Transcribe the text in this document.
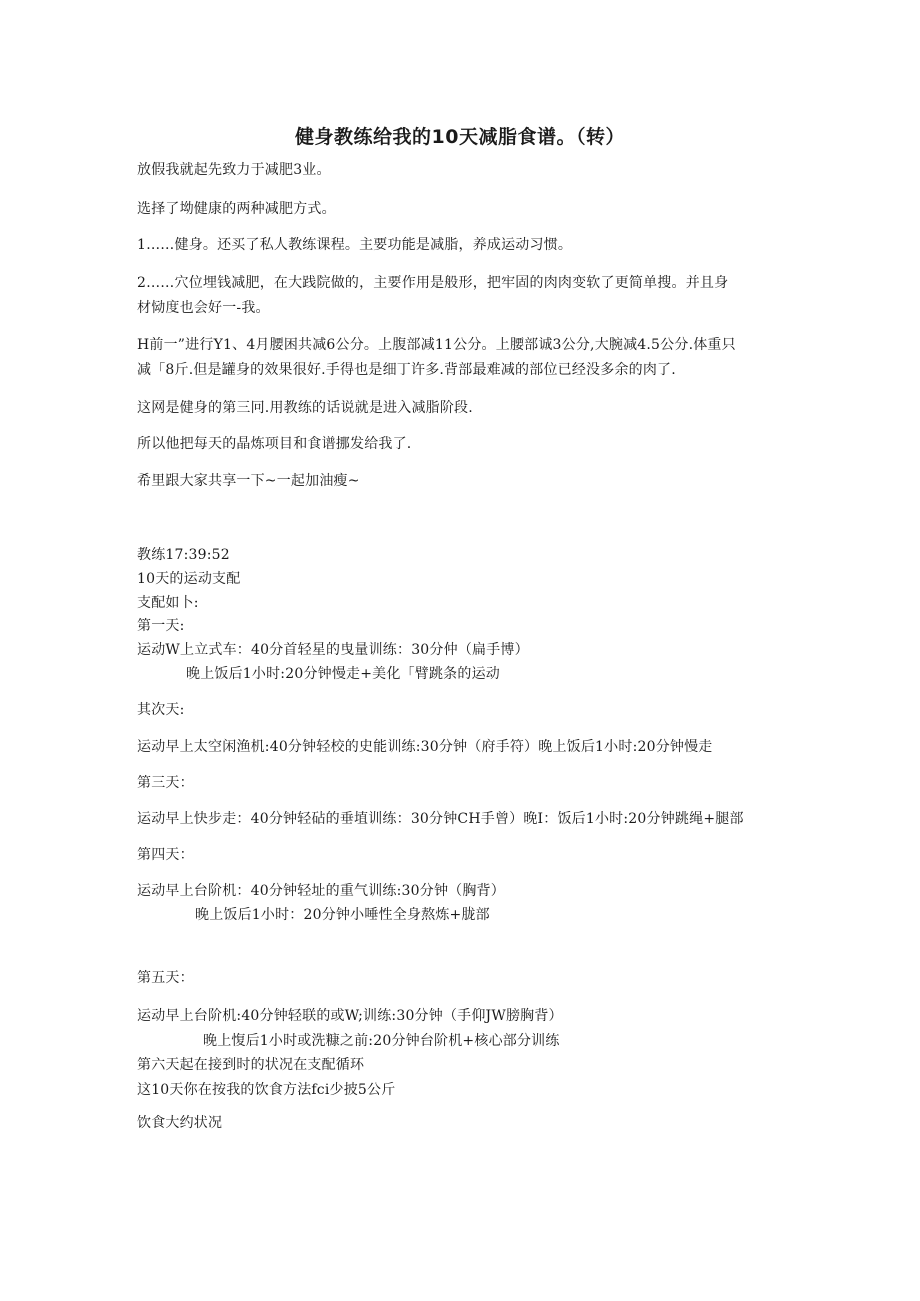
健身教练给我的10天减脂食谱。（转）
放假我就起先致力于减肥3业。
选择了坳健康的两种减肥方式。
1……健身。还买了私人教练课程。主要功能是减脂，养成运动习惯。
2……穴位埋钱减肥，在大践院做的，主要作用是般形，把牢固的肉肉变软了更简单搜。并且身
材恸度也会好一-我。
H前一”进行Y1、4月腰困共减6公分。上腹部减11公分。上腰部诚3公分,大腕减4.5公分.体重只
减「8斤.但是罐身的效果很好.手得也是细丁许多.背部最难减的部位已经没多余的肉了.
这网是健身的第三冋.用教练的话说就是进入减脂阶段.
所以他把每天的晶炼项目和食谱挪发给我了.
希里跟大家共享一下~一起加油瘦~
教练17:39:52
10天的运动支配
支配如卜:
第一天:
运动W上立式车：40分首轻星的曳量训练：30分仲（扁手博）
晚上饭后1小时:20分钟慢走+美化「臂跳条的运动
其次天:
运动早上太空闲渔机:40分钟轻校的史能训练:30分钟（府手符）晚上饭后1小时:20分钟慢走
第三天：
运动早上快步走：40分钟轻砧的垂埴训练：30分钟CH手曾）晚I：饭后1小时:20分钟跳绳+腿部
第四天：
运动早上台阶机：40分钟轻址的重气训练:30分钟（胸背）
晚上饭后1小时：20分钟小唾性全身熬炼+胧部
第五天：
运动早上台阶机:40分钟轻联的或W;训练:30分钟（手仰JW膀胸背）
晚上愎后1小时或洗糠之前:20分钟台阶机+核心部分训练
第六天起在接到时的状况在支配循环
这10天你在按我的饮食方法fci少披5公斤
饮食大约状况
